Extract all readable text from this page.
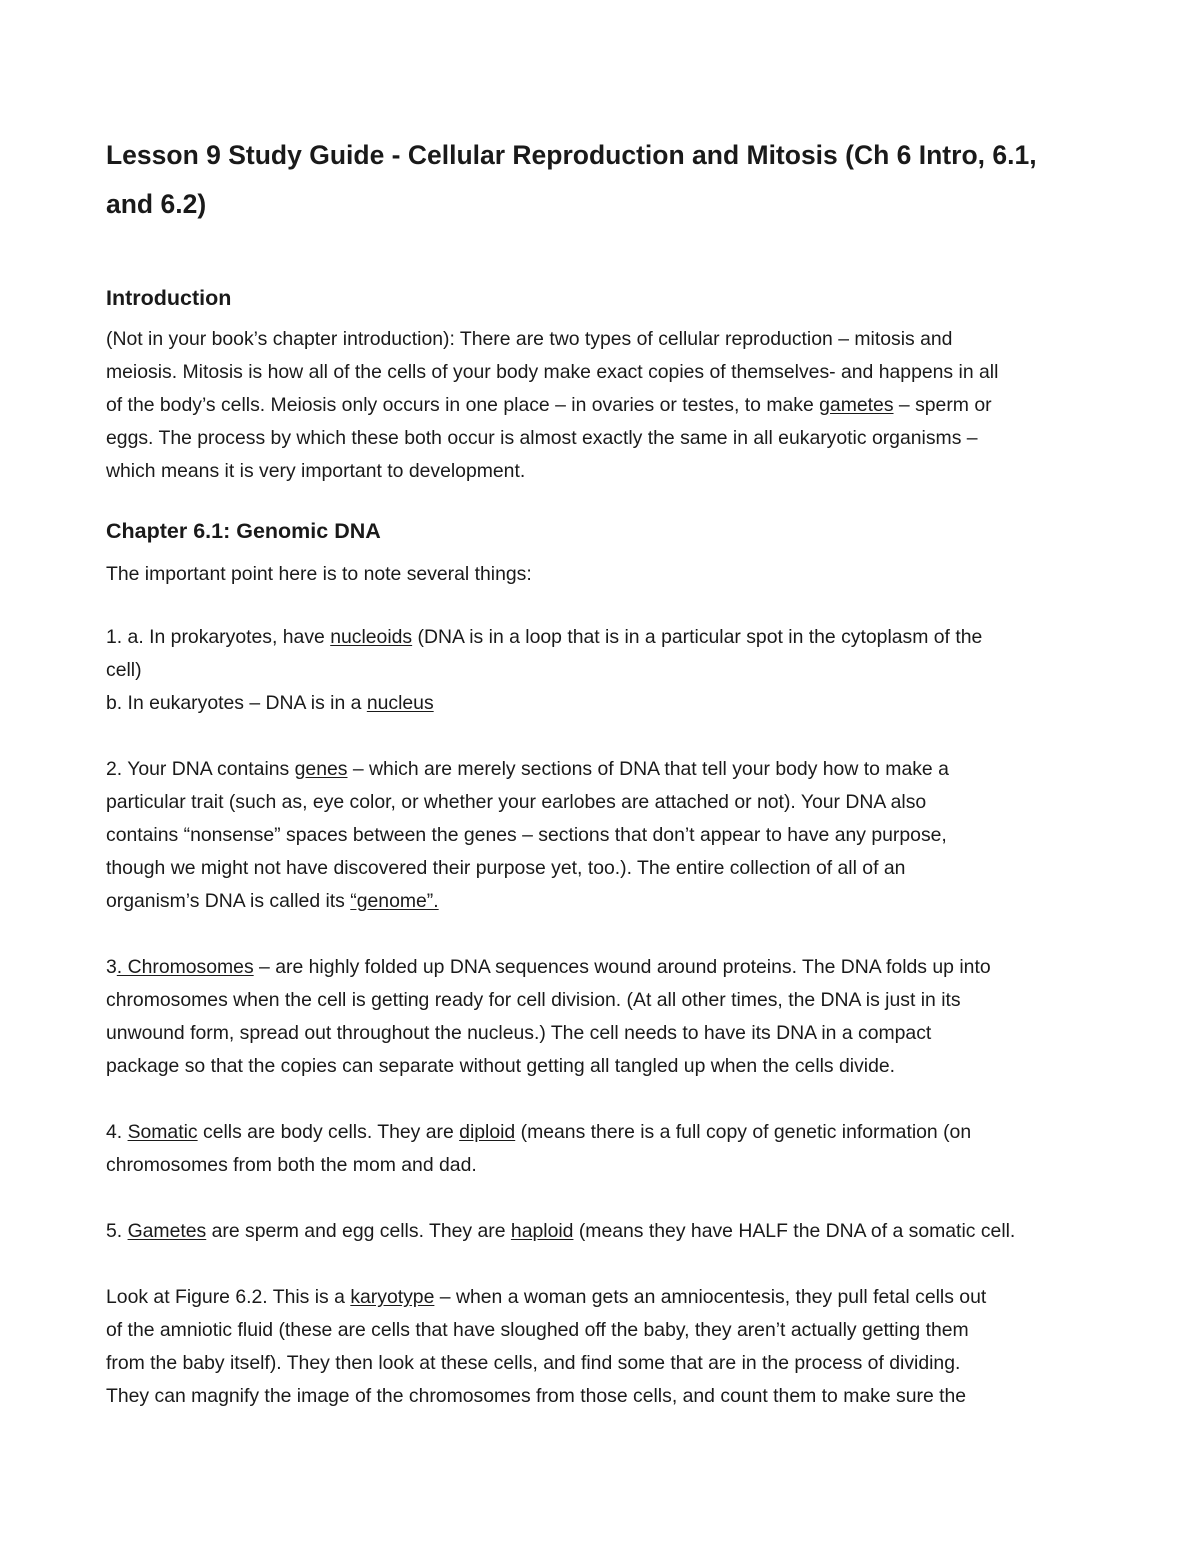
Lesson 9 Study Guide - Cellular Reproduction and Mitosis (Ch 6 Intro, 6.1,
and 6.2)
Introduction

(Not in your book’s chapter introduction): There are two types of cellular reproduction – mitosis and
meiosis. Mitosis is how all of the cells of your body make exact copies of themselves- and happens in all
of the body’s cells. Meiosis only occurs in one place – in ovaries or testes, to make gametes – sperm or
eggs. The process by which these both occur is almost exactly the same in all eukaryotic organisms –
which means it is very important to development.

Chapter 6.1: Genomic DNA

The important point here is to note several things:

1. a. In prokaryotes, have nucleoids (DNA is in a loop that is in a particular spot in the cytoplasm of the
cell)
b. In eukaryotes – DNA is in a nucleus

2. Your DNA contains genes – which are merely sections of DNA that tell your body how to make a
particular trait (such as, eye color, or whether your earlobes are attached or not). Your DNA also
contains “nonsense” spaces between the genes – sections that don’t appear to have any purpose,
though we might not have discovered their purpose yet, too.). The entire collection of all of an
organism’s DNA is called its “genome”.

3. Chromosomes – are highly folded up DNA sequences wound around proteins. The DNA folds up into
chromosomes when the cell is getting ready for cell division. (At all other times, the DNA is just in its
unwound form, spread out throughout the nucleus.) The cell needs to have its DNA in a compact
package so that the copies can separate without getting all tangled up when the cells divide.

4. Somatic cells are body cells. They are diploid (means there is a full copy of genetic information (on
chromosomes from both the mom and dad.

5. Gametes are sperm and egg cells. They are haploid (means they have HALF the DNA of a somatic cell.

Look at Figure 6.2. This is a karyotype – when a woman gets an amniocentesis, they pull fetal cells out
of the amniotic fluid (these are cells that have sloughed off the baby, they aren’t actually getting them
from the baby itself). They then look at these cells, and find some that are in the process of dividing.
They can magnify the image of the chromosomes from those cells, and count them to make sure the
